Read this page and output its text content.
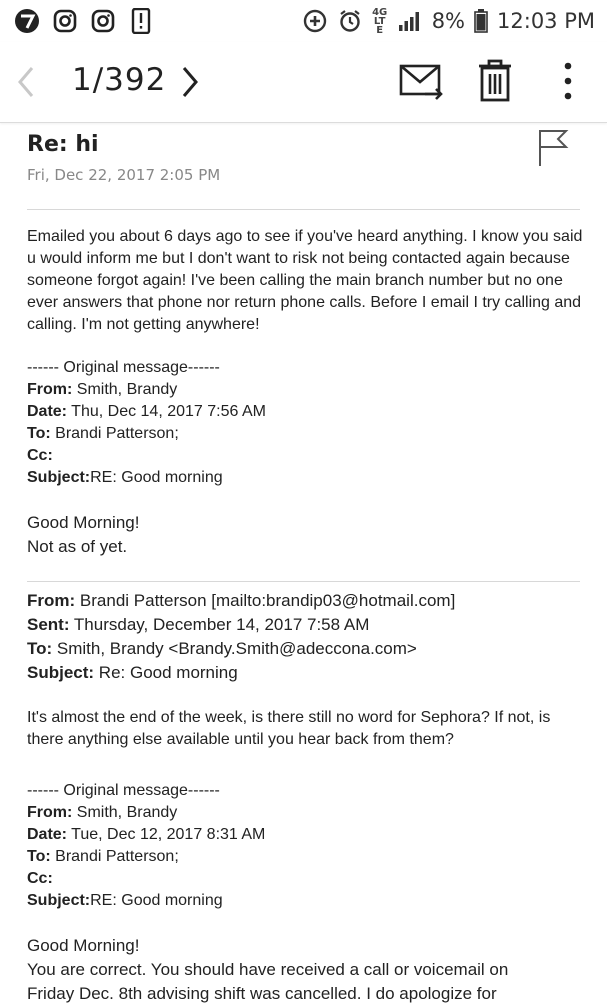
4G LTE 8% 12:03 PM
1/392
Re: hi
Fri, Dec 22, 2017 2:05 PM

Emailed you about 6 days ago to see if you've heard anything. I know you said u would inform me but I don't want to risk not being contacted again because someone forgot again! I've been calling the main branch number but no one ever answers that phone nor return phone calls. Before I email I try calling and calling. I'm not getting anywhere!

------ Original message------
From: Smith, Brandy
Date: Thu, Dec 14, 2017 7:56 AM
To: Brandi Patterson;
Cc:
Subject:RE: Good morning
Good Morning!
Not as of yet.
From: Brandi Patterson [mailto:brandip03@hotmail.com]
Sent: Thursday, December 14, 2017 7:58 AM
To: Smith, Brandy <Brandy.Smith@adeccona.com>
Subject: Re: Good morning

It's almost the end of the week, is there still no word for Sephora? If not, is there anything else available until you hear back from them?

------ Original message------
From: Smith, Brandy
Date: Tue, Dec 12, 2017 8:31 AM
To: Brandi Patterson;
Cc:
Subject:RE: Good morning
Good Morning!
You are correct. You should have received a call or voicemail on
Friday Dec. 8th advising shift was cancelled. I do apologize for
